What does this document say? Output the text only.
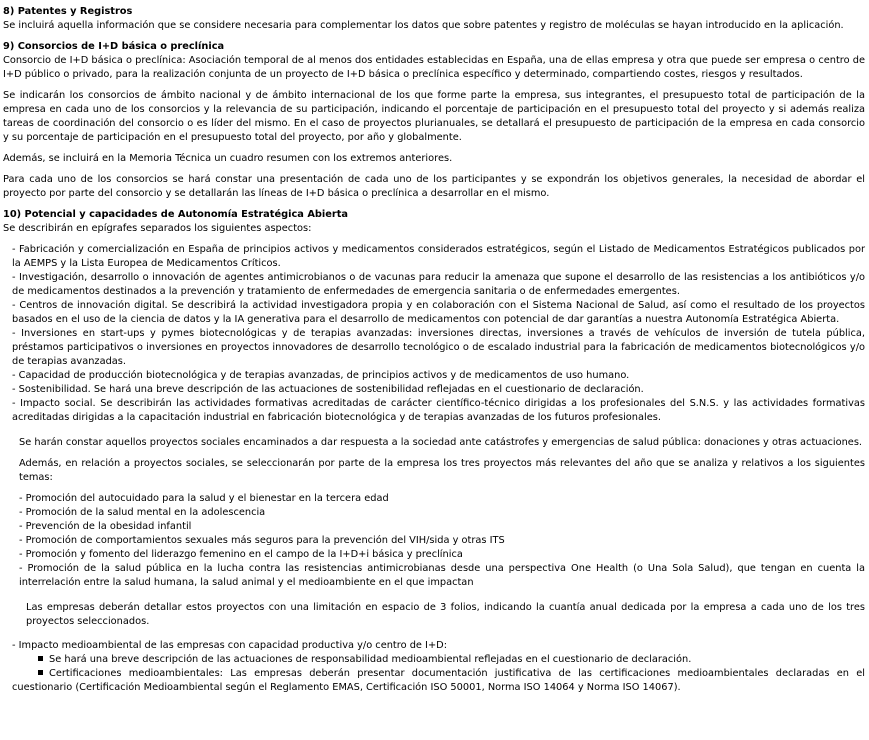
8) Patentes y Registros

Se incluirá aquella información que se considere necesaria para complementar los datos que sobre patentes y registro de moléculas se hayan introducido en la aplicación.

9) Consorcios de I+D básica o preclínica

Consorcio de I+D básica o preclínica: Asociación temporal de al menos dos entidades establecidas en España, una de ellas empresa y otra que puede ser empresa o centro de I+D público o privado, para la realización conjunta de un proyecto de I+D básica o preclínica específico y determinado, compartiendo costes, riesgos y resultados.

Se indicarán los consorcios de ámbito nacional y de ámbito internacional de los que forme parte la empresa, sus integrantes, el presupuesto total de participación de la empresa en cada uno de los consorcios y la relevancia de su participación, indicando el porcentaje de participación en el presupuesto total del proyecto y si además realiza tareas de coordinación del consorcio o es líder del mismo. En el caso de proyectos plurianuales, se detallará el presupuesto de participación de la empresa en cada consorcio y su porcentaje de participación en el presupuesto total del proyecto, por año y globalmente.

Además, se incluirá en la Memoria Técnica un cuadro resumen con los extremos anteriores.

Para cada uno de los consorcios se hará constar una presentación de cada uno de los participantes y se expondrán los objetivos generales, la necesidad de abordar el proyecto por parte del consorcio y se detallarán las líneas de I+D básica o preclínica a desarrollar en el mismo.

10) Potencial y capacidades de Autonomía Estratégica Abierta

Se describirán en epígrafes separados los siguientes aspectos:

- Fabricación y comercialización en España de principios activos y medicamentos considerados estratégicos, según el Listado de Medicamentos Estratégicos publicados por la AEMPS y la Lista Europea de Medicamentos Críticos.

- Investigación, desarrollo o innovación de agentes antimicrobianos o de vacunas para reducir la amenaza que supone el desarrollo de las resistencias a los antibióticos y/o de medicamentos destinados a la prevención y tratamiento de enfermedades de emergencia sanitaria o de enfermedades emergentes.

- Centros de innovación digital. Se describirá la actividad investigadora propia y en colaboración con el Sistema Nacional de Salud, así como el resultado de los proyectos basados en el uso de la ciencia de datos y la IA generativa para el desarrollo de medicamentos con potencial de dar garantías a nuestra Autonomía Estratégica Abierta.

- Inversiones en start-ups y pymes biotecnológicas y de terapias avanzadas: inversiones directas, inversiones a través de vehículos de inversión de tutela pública, préstamos participativos o inversiones en proyectos innovadores de desarrollo tecnológico o de escalado industrial para la fabricación de medicamentos biotecnológicos y/o de terapias avanzadas.

- Capacidad de producción biotecnológica y de terapias avanzadas, de principios activos y de medicamentos de uso humano.

- Sostenibilidad. Se hará una breve descripción de las actuaciones de sostenibilidad reflejadas en el cuestionario de declaración.

- Impacto social. Se describirán las actividades formativas acreditadas de carácter científico-técnico dirigidas a los profesionales del S.N.S. y las actividades formativas acreditadas dirigidas a la capacitación industrial en fabricación biotecnológica y de terapias avanzadas de los futuros profesionales.

Se harán constar aquellos proyectos sociales encaminados a dar respuesta a la sociedad ante catástrofes y emergencias de salud pública: donaciones y otras actuaciones.

Además, en relación a proyectos sociales, se seleccionarán por parte de la empresa los tres proyectos más relevantes del año que se analiza y relativos a los siguientes temas:

- Promoción del autocuidado para la salud y el bienestar en la tercera edad

- Promoción de la salud mental en la adolescencia

- Prevención de la obesidad infantil

- Promoción de comportamientos sexuales más seguros para la prevención del VIH/sida y otras ITS

- Promoción y fomento del liderazgo femenino en el campo de la I+D+i básica y preclínica

- Promoción de la salud pública en la lucha contra las resistencias antimicrobianas desde una perspectiva One Health (o Una Sola Salud), que tengan en cuenta la interrelación entre la salud humana, la salud animal y el medioambiente en el que impactan

Las empresas deberán detallar estos proyectos con una limitación en espacio de 3 folios, indicando la cuantía anual dedicada por la empresa a cada uno de los tres proyectos seleccionados.

- Impacto medioambiental de las empresas con capacidad productiva y/o centro de I+D:

Se hará una breve descripción de las actuaciones de responsabilidad medioambiental reflejadas en el cuestionario de declaración.

Certificaciones medioambientales: Las empresas deberán presentar documentación justificativa de las certificaciones medioambientales declaradas en el cuestionario (Certificación Medioambiental según el Reglamento EMAS, Certificación ISO 50001, Norma ISO 14064 y Norma ISO 14067).
